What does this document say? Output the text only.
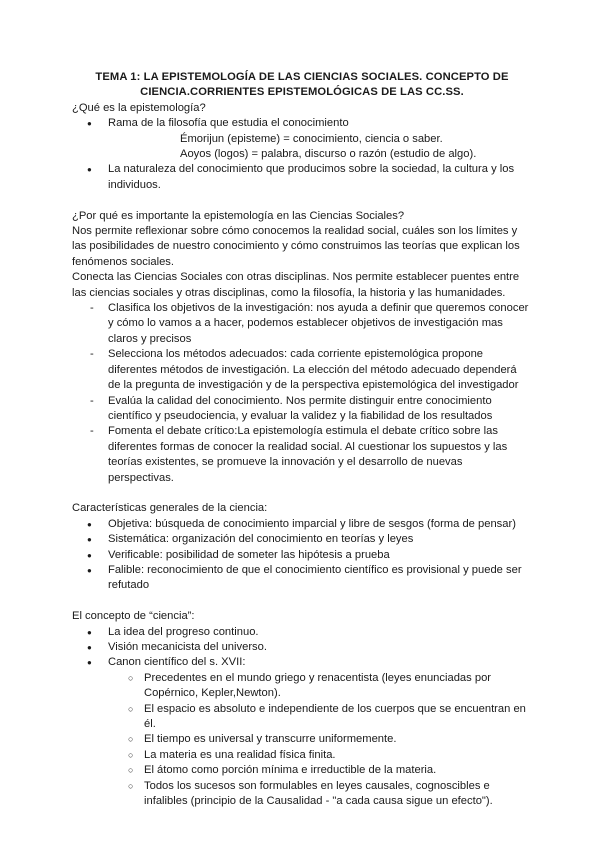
TEMA 1: LA EPISTEMOLOGÍA DE LAS CIENCIAS SOCIALES. CONCEPTO DE
CIENCIA.CORRIENTES EPISTEMOLÓGICAS DE LAS CC.SS.

¿Qué es la epistemología?

● Rama de la filosofía que estudia el conocimiento
Émorijun (episteme) = conocimiento, ciencia o saber.
Aoyos (logos) = palabra, discurso o razón (estudio de algo).
● La naturaleza del conocimiento que producimos sobre la sociedad, la cultura y los individuos.

¿Por qué es importante la epistemología en las Ciencias Sociales?

Nos permite reflexionar sobre cómo conocemos la realidad social, cuáles son los límites y las posibilidades de nuestro conocimiento y cómo construimos las teorías que explican los fenómenos sociales.

Conecta las Ciencias Sociales con otras disciplinas. Nos permite establecer puentes entre las ciencias sociales y otras disciplinas, como la filosofía, la historia y las humanidades.

- Clasifica los objetivos de la investigación: nos ayuda a definir que queremos conocer y cómo lo vamos a a hacer, podemos establecer objetivos de investigación mas claros y precisos
- Selecciona los métodos adecuados: cada corriente epistemológica propone diferentes métodos de investigación. La elección del método adecuado dependerá de la pregunta de investigación y de la perspectiva epistemológica del investigador
- Evalúa la calidad del conocimiento. Nos permite distinguir entre conocimiento científico y pseudociencia, y evaluar la validez y la fiabilidad de los resultados
- Fomenta el debate crítico:La epistemología estimula el debate crítico sobre las diferentes formas de conocer la realidad social. Al cuestionar los supuestos y las teorías existentes, se promueve la innovación y el desarrollo de nuevas
perspectivas.

Características generales de la ciencia:

● Objetiva: búsqueda de conocimiento imparcial y libre de sesgos (forma de pensar)
● Sistemática: organización del conocimiento en teorías y leyes
● Verificable: posibilidad de someter las hipótesis a prueba
● Falible: reconocimiento de que el conocimiento científico es provisional y puede ser refutado

El concepto de “ciencia”:

● La idea del progreso continuo.
● Visión mecanicista del universo.
● Canon científico del s. XVII:
○ Precedentes en el mundo griego y renacentista (leyes enunciadas por Copérnico, Kepler,Newton).
○ El espacio es absoluto e independiente de los cuerpos que se encuentran en él.
○ El tiempo es universal y transcurre uniformemente.
○ La materia es una realidad física finita.
○ El átomo como porción mínima e irreductible de la materia.
○ Todos los sucesos son formulables en leyes causales, cognoscibles e infalibles (principio de la Causalidad - "a cada causa sigue un efecto").
